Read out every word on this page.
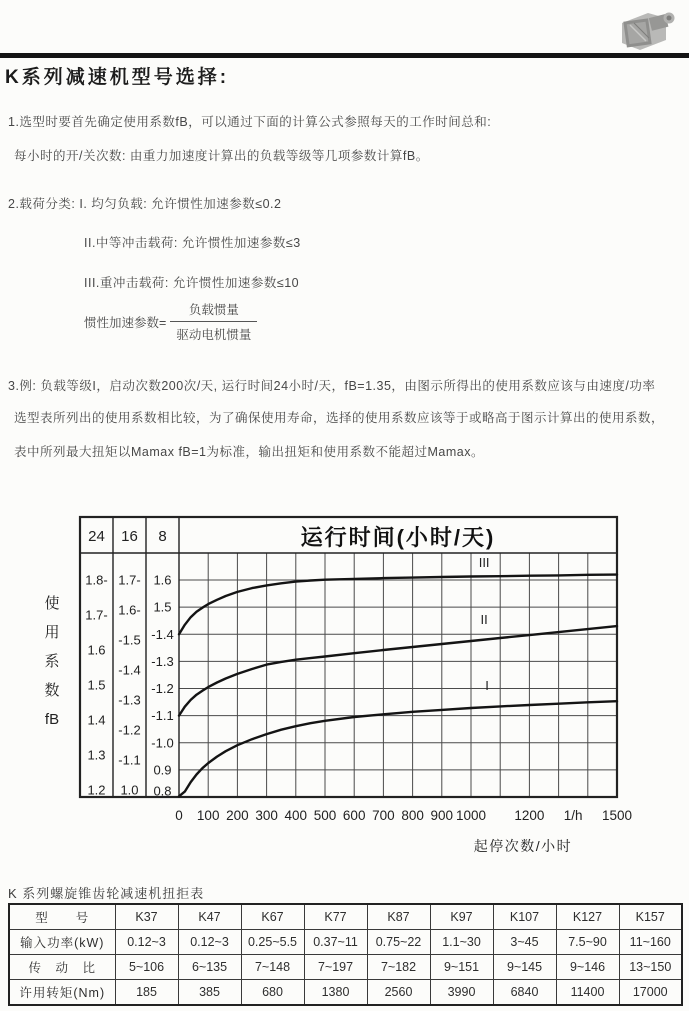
K系列减速机型号选择:
1.选型时要首先确定使用系数fB，可以通过下面的计算公式参照每天的工作时间总和:
每小时的开/关次数: 由重力加速度计算出的负载等级等几项参数计算fB。
2.载荷分类: I. 均匀负载: 允许惯性加速参数≤0.2
II.中等冲击载荷: 允许惯性加速参数≤3
III.重冲击载荷: 允许惯性加速参数≤10
惯性加速参数= $\frac{\text{负载惯量}}{\text{驱动电机惯量}}$
3.例: 负载等级I，启动次数200次/天, 运行时间24小时/天，fB=1.35，由图示所得出的使用系数应该与由速度/功率
选型表所列出的使用系数相比较，为了确保使用寿命，选择的使用系数应该等于或略高于图示计算出的使用系数，
表中所列最大扭矩以Mamax fB=1为标准，输出扭矩和使用系数不能超过Mamax。
24 16 8	运行时间(小时/天)
1.8-
1.7-
1.6
1.5
1.4
1.3
1.2
1.7-
1.6-
-1.5
-1.4
-1.3
-1.2
-1.1
1.0
1.6
1.5
-1.4
-1.3
-1.2
-1.1
-1.0
0.9
0.8
III
II
I
0 100 200 300 400 500 600 700 800 900 1000 1200 1/h 1500
起停次数/小时
使
用
系
数
fB
K 系列螺旋锥齿轮减速机扭拒表
型　　号	K37	K47	K67	K77	K87	K97	K107	K127	K157
输入功率(kW)	0.12~3	0.12~3	0.25~5.5	0.37~11	0.75~22	1.1~30	3~45	7.5~90	11~160
传　动　比	5~106	6~135	7~148	7~197	7~182	9~151	9~145	9~146	13~150
许用转矩(Nm)	185	385	680	1380	2560	3990	6840	11400	17000
